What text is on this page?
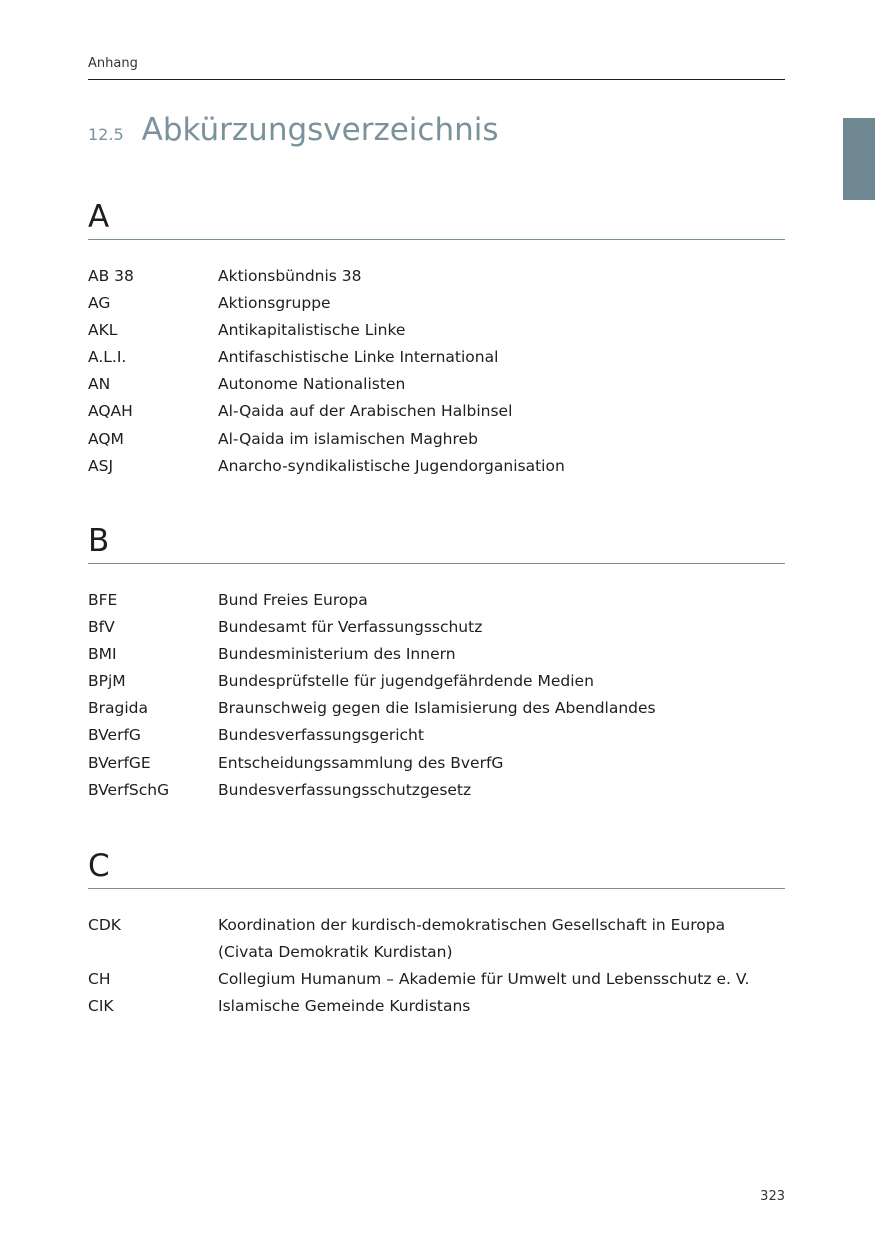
Anhang
12.5 Abkürzungsverzeichnis
A
AB 38	Aktionsbündnis 38
AG	Aktionsgruppe
AKL	Antikapitalistische Linke
A.L.I.	Antifaschistische Linke International
AN	Autonome Nationalisten
AQAH	Al-Qaida auf der Arabischen Halbinsel
AQM	Al-Qaida im islamischen Maghreb
ASJ	Anarcho-syndikalistische Jugendorganisation
B
BFE	Bund Freies Europa
BfV	Bundesamt für Verfassungsschutz
BMI	Bundesministerium des Innern
BPjM	Bundesprüfstelle für jugendgefährdende Medien
Bragida	Braunschweig gegen die Islamisierung des Abendlandes
BVerfG	Bundesverfassungsgericht
BVerfGE	Entscheidungssammlung des BverfG
BVerfSchG	Bundesverfassungsschutzgesetz
C
CDK	Koordination der kurdisch-demokratischen Gesellschaft in Europa
(Civata Demokratik Kurdistan)
CH	Collegium Humanum – Akademie für Umwelt und Lebensschutz e. V.
CIK	Islamische Gemeinde Kurdistans
323
